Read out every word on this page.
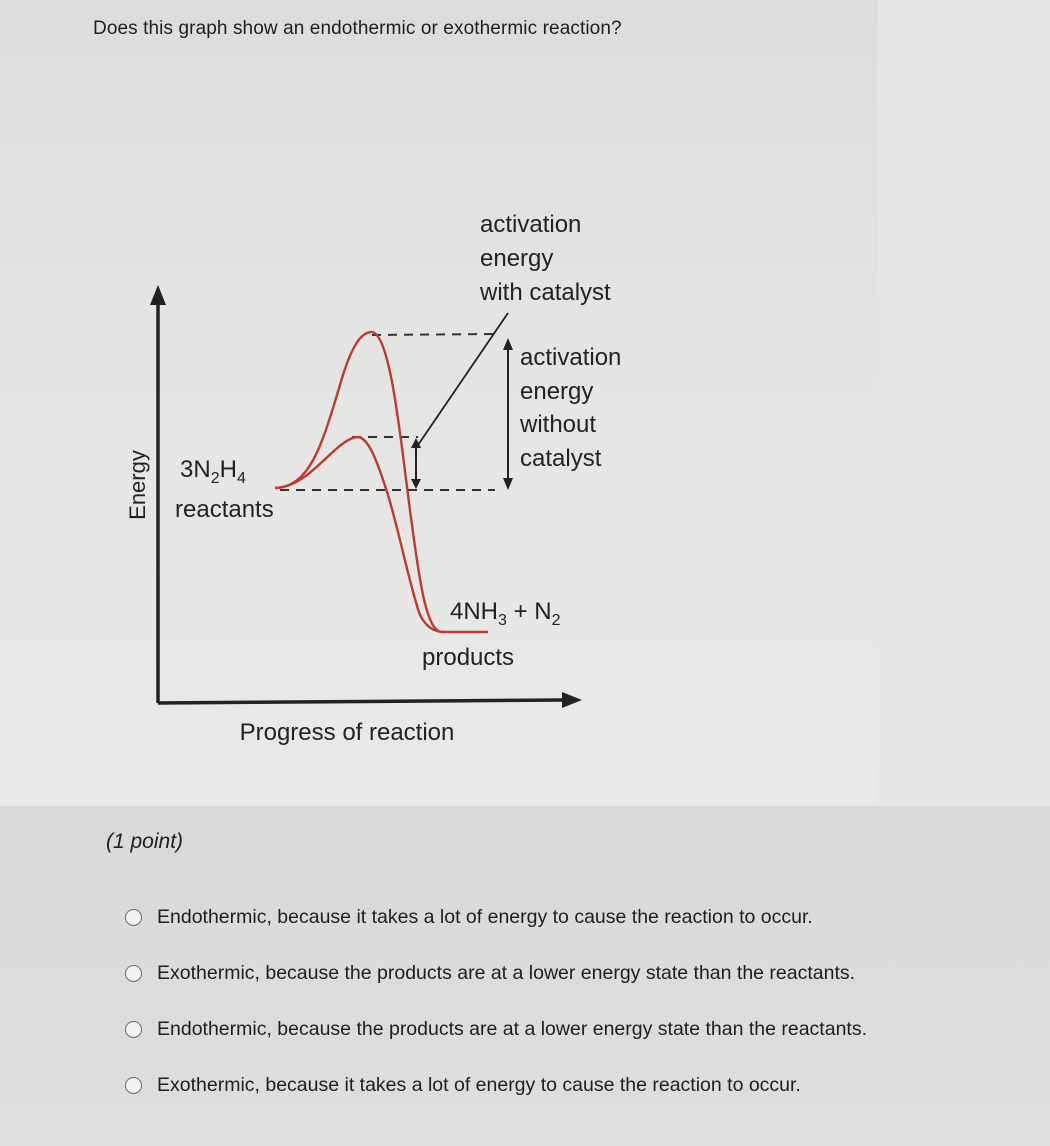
Does this graph show an endothermic or exothermic reaction?
Energy
Progress of reaction
$3N_2H_4$
reactants
$4NH_3 + N_2$
products
activation
energy
with catalyst
activation
energy
without
catalyst
(1 point)
Endothermic, because it takes a lot of energy to cause the reaction to occur.
Exothermic, because the products are at a lower energy state than the reactants.
Endothermic, because the products are at a lower energy state than the reactants.
Exothermic, because it takes a lot of energy to cause the reaction to occur.
